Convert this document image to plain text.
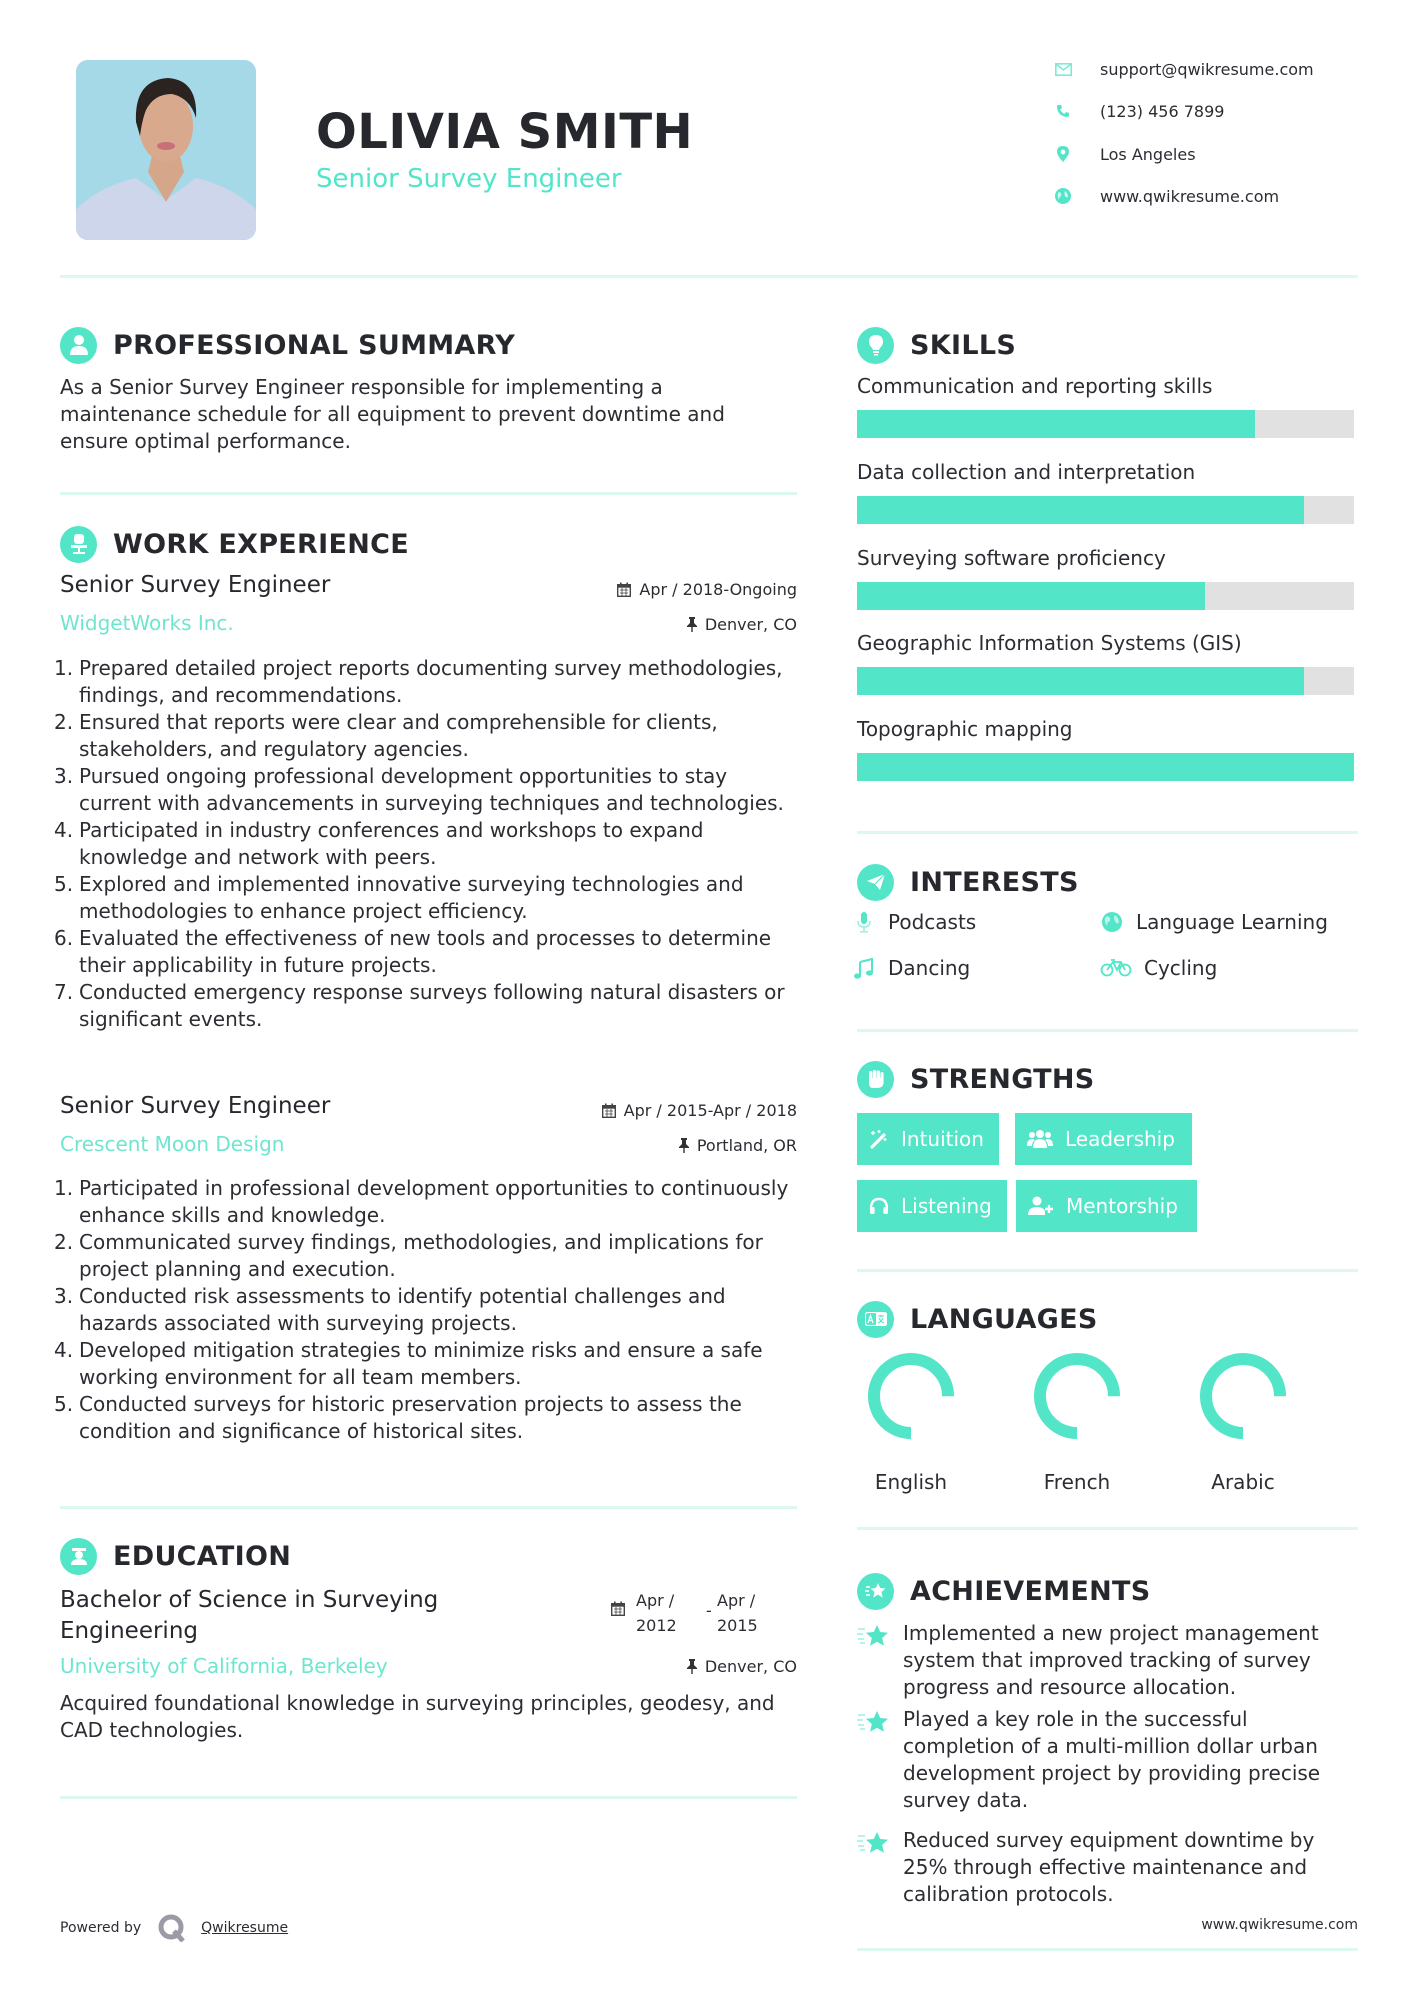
OLIVIA SMITH
Senior Survey Engineer
support@qwikresume.com
(123) 456 7899
Los Angeles
www.qwikresume.com
PROFESSIONAL SUMMARY
As a Senior Survey Engineer responsible for implementing a maintenance schedule for all equipment to prevent downtime and ensure optimal performance.
WORK EXPERIENCE
Senior Survey Engineer	Apr / 2018-Ongoing
WidgetWorks Inc.	Denver, CO
1. Prepared detailed project reports documenting survey methodologies, findings, and recommendations.
2. Ensured that reports were clear and comprehensible for clients, stakeholders, and regulatory agencies.
3. Pursued ongoing professional development opportunities to stay current with advancements in surveying techniques and technologies.
4. Participated in industry conferences and workshops to expand knowledge and network with peers.
5. Explored and implemented innovative surveying technologies and methodologies to enhance project efficiency.
6. Evaluated the effectiveness of new tools and processes to determine their applicability in future projects.
7. Conducted emergency response surveys following natural disasters or significant events.
Senior Survey Engineer	Apr / 2015-Apr / 2018
Crescent Moon Design	Portland, OR
1. Participated in professional development opportunities to continuously enhance skills and knowledge.
2. Communicated survey findings, methodologies, and implications for project planning and execution.
3. Conducted risk assessments to identify potential challenges and hazards associated with surveying projects.
4. Developed mitigation strategies to minimize risks and ensure a safe working environment for all team members.
5. Conducted surveys for historic preservation projects to assess the condition and significance of historical sites.
EDUCATION
Bachelor of Science in Surveying Engineering
Apr / 2012
-
Apr / 2015
University of California, Berkeley	Denver, CO
Acquired foundational knowledge in surveying principles, geodesy, and CAD technologies.
Powered by	Qwikresume
SKILLS
Communication and reporting skills
Data collection and interpretation
Surveying software proficiency
Geographic Information Systems (GIS)
Topographic mapping
INTERESTS
Podcasts	Language Learning
Dancing	Cycling
STRENGTHS
Intuition	Leadership
Listening	Mentorship
LANGUAGES
English	French	Arabic
ACHIEVEMENTS
Implemented a new project management system that improved tracking of survey progress and resource allocation.
Played a key role in the successful completion of a multi-million dollar urban development project by providing precise survey data.
Reduced survey equipment downtime by 25% through effective maintenance and calibration protocols.
www.qwikresume.com
